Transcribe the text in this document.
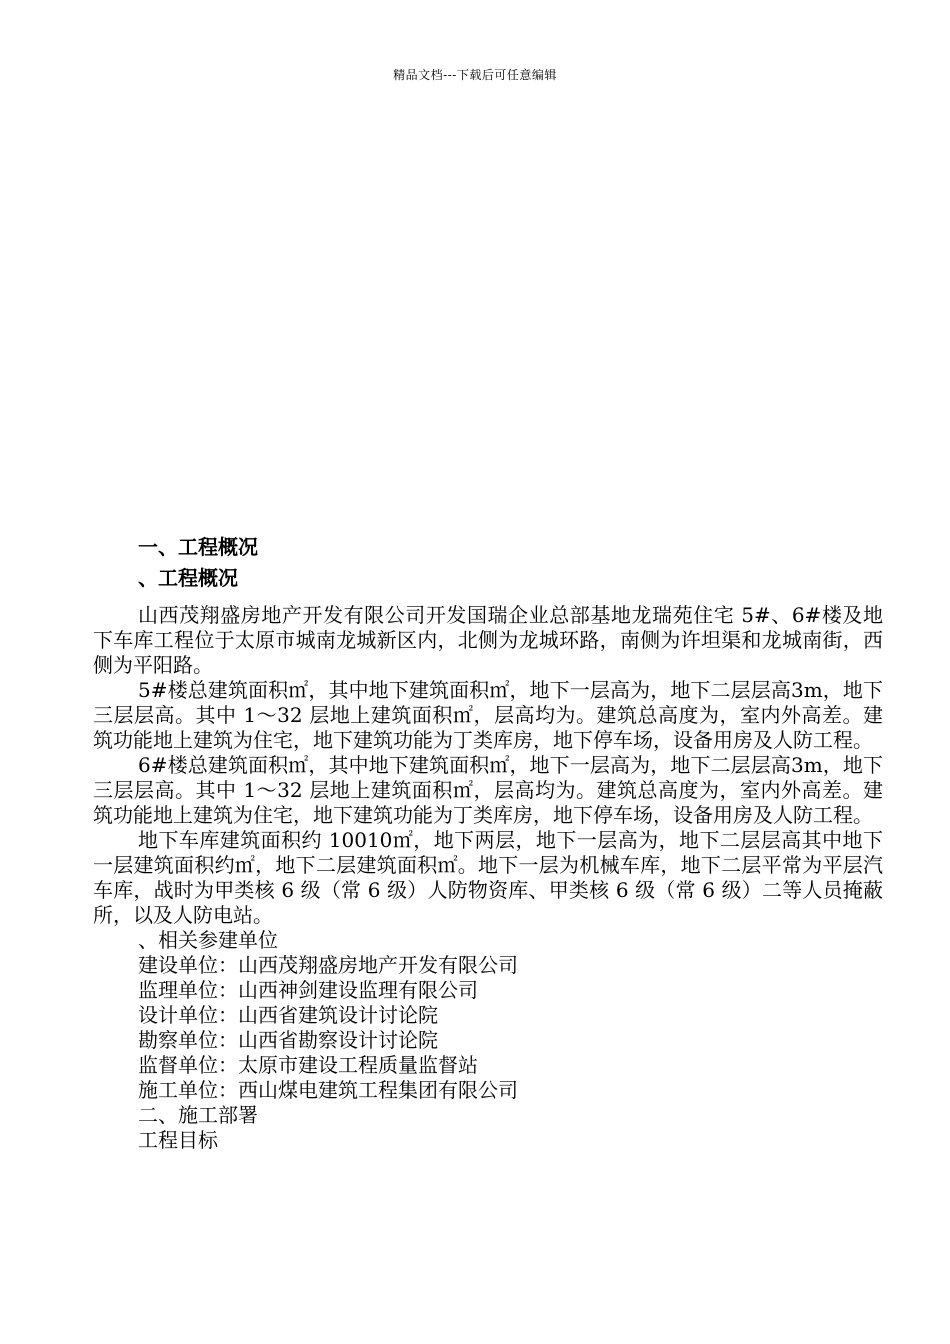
精品文档---下载后可任意编辑
一、工程概况
、工程概况

山西茂翔盛房地产开发有限公司开发国瑞企业总部基地龙瑞苑住宅 5#、6#楼及地下车库工程位于太原市城南龙城新区内，北侧为龙城环路，南侧为许坦渠和龙城南街，西侧为平阳路。

5#楼总建筑面积㎡，其中地下建筑面积㎡，地下一层高为，地下二层层高3m，地下三层层高。其中 1～32 层地上建筑面积㎡，层高均为。建筑总高度为，室内外高差。建筑功能地上建筑为住宅，地下建筑功能为丁类库房，地下停车场，设备用房及人防工程。

6#楼总建筑面积㎡，其中地下建筑面积㎡，地下一层高为，地下二层层高3m，地下三层层高。其中 1～32 层地上建筑面积㎡，层高均为。建筑总高度为，室内外高差。建筑功能地上建筑为住宅，地下建筑功能为丁类库房，地下停车场，设备用房及人防工程。

地下车库建筑面积约 10010㎡，地下两层，地下一层高为，地下二层层高其中地下一层建筑面积约㎡，地下二层建筑面积㎡。地下一层为机械车库，地下二层平常为平层汽车库，战时为甲类核 6 级（常 6 级）人防物资库、甲类核 6 级（常 6 级）二等人员掩蔽所，以及人防电站。

、相关参建单位
建设单位：山西茂翔盛房地产开发有限公司
监理单位：山西神剑建设监理有限公司
设计单位：山西省建筑设计讨论院
勘察单位：山西省勘察设计讨论院
监督单位：太原市建设工程质量监督站
施工单位：西山煤电建筑工程集团有限公司
二、施工部署
工程目标
